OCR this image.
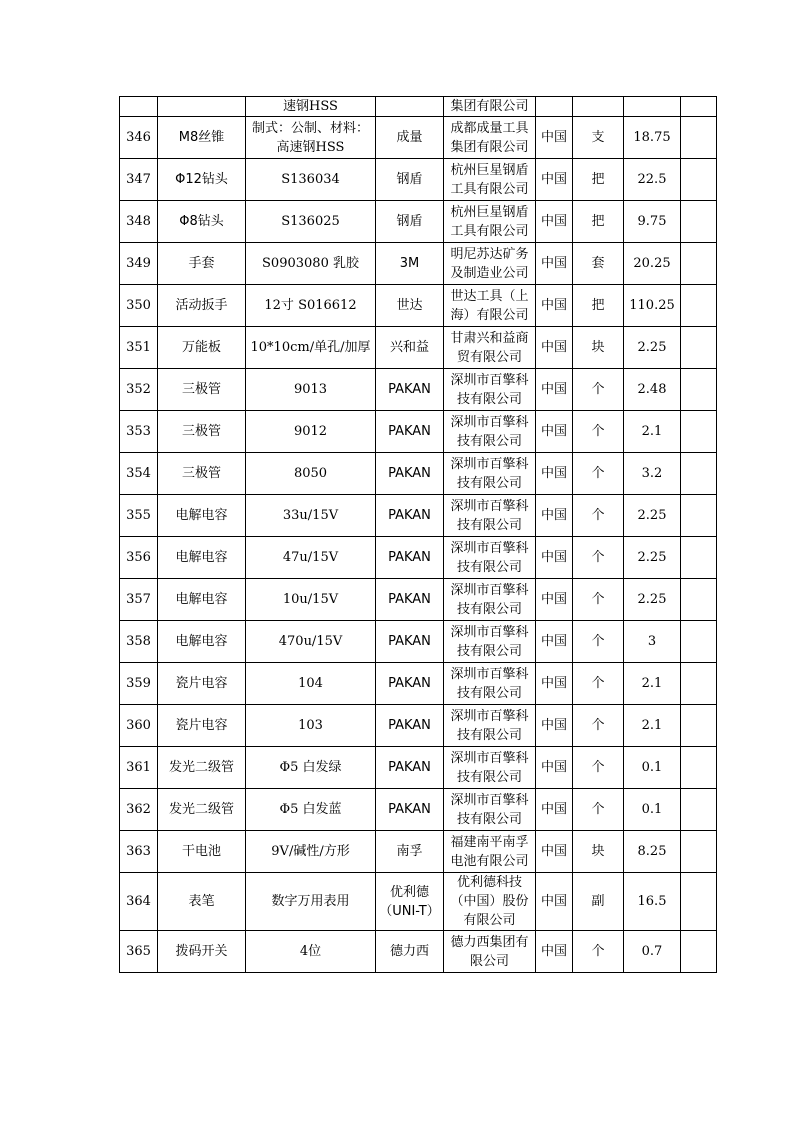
		速钢HSS		集团有限公司				
346	M8丝锥	制式：公制、材料：高速钢HSS	成量	成都成量工具集团有限公司	中国	支	18.75	
347	Φ12钻头	S136034	钢盾	杭州巨星钢盾工具有限公司	中国	把	22.5	
348	Φ8钻头	S136025	钢盾	杭州巨星钢盾工具有限公司	中国	把	9.75	
349	手套	S0903080 乳胶	3M	明尼苏达矿务及制造业公司	中国	套	20.25	
350	活动扳手	12寸 S016612	世达	世达工具（上海）有限公司	中国	把	110.25	
351	万能板	10*10cm/单孔/加厚	兴和益	甘肃兴和益商贸有限公司	中国	块	2.25	
352	三极管	9013	PAKAN	深圳市百擎科技有限公司	中国	个	2.48	
353	三极管	9012	PAKAN	深圳市百擎科技有限公司	中国	个	2.1	
354	三极管	8050	PAKAN	深圳市百擎科技有限公司	中国	个	3.2	
355	电解电容	33u/15V	PAKAN	深圳市百擎科技有限公司	中国	个	2.25	
356	电解电容	47u/15V	PAKAN	深圳市百擎科技有限公司	中国	个	2.25	
357	电解电容	10u/15V	PAKAN	深圳市百擎科技有限公司	中国	个	2.25	
358	电解电容	470u/15V	PAKAN	深圳市百擎科技有限公司	中国	个	3	
359	瓷片电容	104	PAKAN	深圳市百擎科技有限公司	中国	个	2.1	
360	瓷片电容	103	PAKAN	深圳市百擎科技有限公司	中国	个	2.1	
361	发光二级管	Φ5 白发绿	PAKAN	深圳市百擎科技有限公司	中国	个	0.1	
362	发光二级管	Φ5 白发蓝	PAKAN	深圳市百擎科技有限公司	中国	个	0.1	
363	干电池	9V/碱性/方形	南孚	福建南平南孚电池有限公司	中国	块	8.25	
364	表笔	数字万用表用	优利德（UNI-T）	优利德科技（中国）股份有限公司	中国	副	16.5	
365	拨码开关	4位	德力西	德力西集团有限公司	中国	个	0.7	
